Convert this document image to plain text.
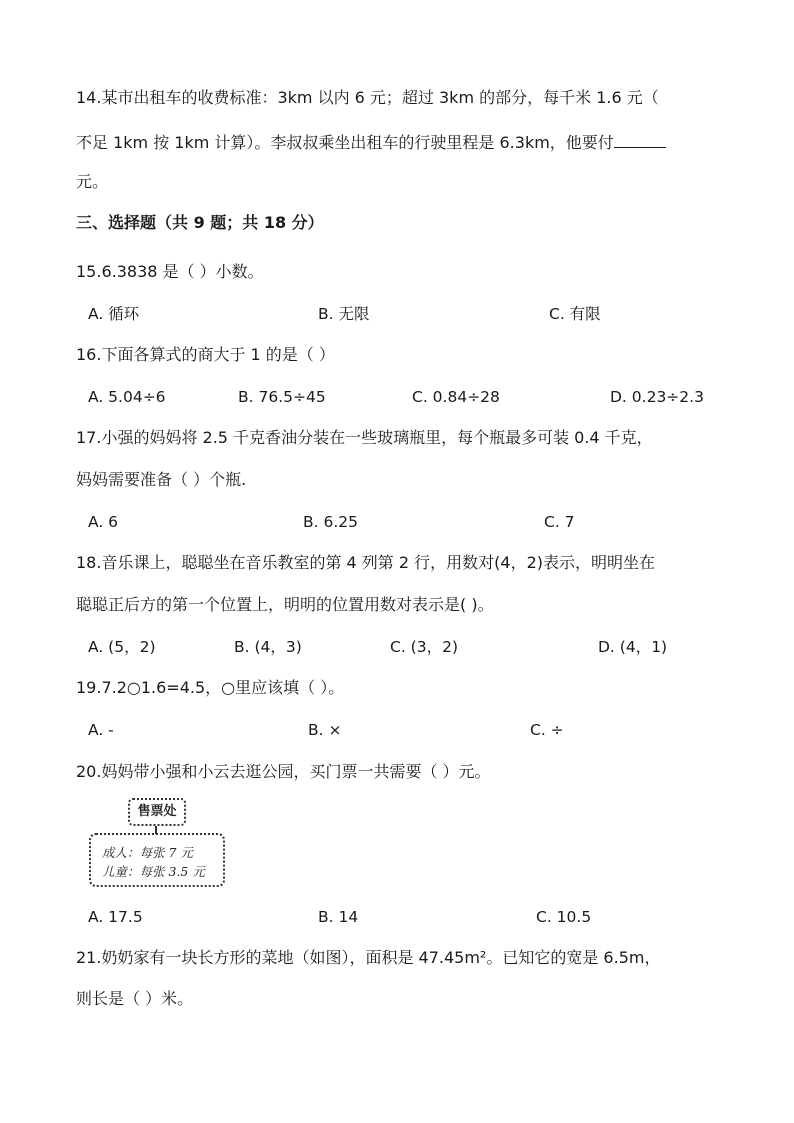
14.某市出租车的收费标准：3km 以内 6 元；超过 3km 的部分，每千米 1.6 元（
不足 1km 按 1km 计算）。李叔叔乘坐出租车的行驶里程是 6.3km，他要付
元。
三、选择题（共 9 题；共 18 分）
15.6.3838 是（ ）小数。
A. 循环	B. 无限	C. 有限
16.下面各算式的商大于 1 的是（ ）
A. 5.04÷6	B. 76.5÷45	C. 0.84÷28	D. 0.23÷2.3
17.小强的妈妈将 2.5 千克香油分装在一些玻璃瓶里，每个瓶最多可装 0.4 千克，
妈妈需要准备（ ）个瓶.
A. 6	B. 6.25	C. 7
18.音乐课上，聪聪坐在音乐教室的第 4 列第 2 行，用数对(4，2)表示，明明坐在
聪聪正后方的第一个位置上，明明的位置用数对表示是( )。
A. (5，2)	B. (4，3)	C. (3，2)	D. (4，1)
19.7.2○1.6=4.5，○里应该填（ ）。
A. -	B. ×	C. ÷
20.妈妈带小强和小云去逛公园，买门票一共需要（ ）元。
售票处
成人：每张 7 元
儿童：每张 3.5 元
A. 17.5	B. 14	C. 10.5
21.奶奶家有一块长方形的菜地（如图），面积是 47.45m²。已知它的宽是 6.5m，
则长是（ ）米。
